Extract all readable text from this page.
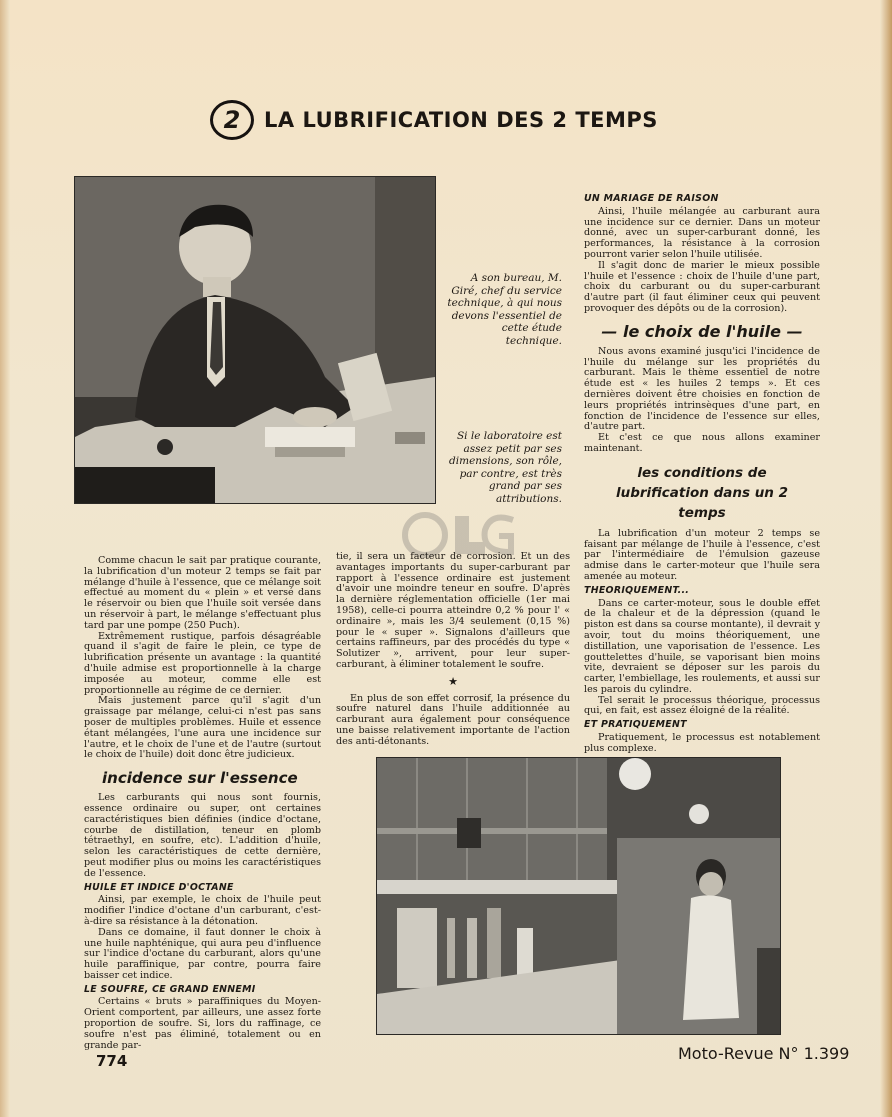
2	LA LUBRIFICATION DES 2 TEMPS
A son bureau, M. Giré, chef du service technique, à qui nous devons l'essentiel de cette étude technique.
Si le laboratoire est assez petit par ses dimensions, son rôle, par contre, est très grand par ses attributions.

Comme chacun le sait par pratique courante, la lubrification d'un moteur 2 temps se fait par mélange d'huile à l'essence, que ce mélange soit effectué au moment du « plein » et versé dans le réservoir ou bien que l'huile soit versée dans un réservoir à part, le mélange s'effectuant plus tard par une pompe (250 Puch).

Extrêmement rustique, parfois désagréable quand il s'agit de faire le plein, ce type de lubrification présente un avantage : la quantité d'huile admise est proportionnelle à la charge imposée au moteur, comme elle est proportionnelle au régime de ce dernier.

Mais justement parce qu'il s'agit d'un graissage par mélange, celui-ci n'est pas sans poser de multiples problèmes. Huile et essence étant mélangées, l'une aura une incidence sur l'autre, et le choix de l'une et de l'autre (surtout le choix de l'huile) doit donc être judicieux.

incidence sur l'essence

Les carburants qui nous sont fournis, essence ordinaire ou super, ont certaines caractéristiques bien définies (indice d'octane, courbe de distillation, teneur en plomb tétraethyl, en soufre, etc). L'addition d'huile, selon les caractéristiques de cette dernière, peut modifier plus ou moins les caractéristiques de l'essence.

HUILE ET INDICE D'OCTANE

Ainsi, par exemple, le choix de l'huile peut modifier l'indice d'octane d'un carburant, c'est-à-dire sa résistance à la détonation.

Dans ce domaine, il faut donner le choix à une huile naphténique, qui aura peu d'influence sur l'indice d'octane du carburant, alors qu'une huile paraffinique, par contre, pourra faire baisser cet indice.

LE SOUFRE, CE GRAND ENNEMI

Certains « bruts » paraffiniques du Moyen-Orient comportent, par ailleurs, une assez forte proportion de soufre. Si, lors du raffinage, ce soufre n'est pas éliminé, totalement ou en grande par-

tie, il sera un facteur de corrosion. Et un des avantages importants du super-carburant par rapport à l'essence ordinaire est justement d'avoir une moindre teneur en soufre. D'après la dernière réglementation officielle (1er mai 1958), celle-ci pourra atteindre 0,2 % pour l' « ordinaire », mais les 3/4 seulement (0,15 %) pour le « super ». Signalons d'ailleurs que certains raffineurs, par des procédés du type « Solutizer », arrivent, pour leur super-carburant, à éliminer totalement le soufre.

★

En plus de son effet corrosif, la présence du soufre naturel dans l'huile additionnée au carburant aura également pour conséquence une baisse relativement importante de l'action des anti-détonants.

UN MARIAGE DE RAISON

Ainsi, l'huile mélangée au carburant aura une incidence sur ce dernier. Dans un moteur donné, avec un super-carburant donné, les performances, la résistance à la corrosion pourront varier selon l'huile utilisée.

Il s'agit donc de marier le mieux possible l'huile et l'essence : choix de l'huile d'une part, choix du carburant ou du super-carburant d'autre part (il faut éliminer ceux qui peuvent provoquer des dépôts ou de la corrosion).

— le choix de l'huile —

Nous avons examiné jusqu'ici l'incidence de l'huile du mélange sur les propriétés du carburant. Mais le thème essentiel de notre étude est « les huiles 2 temps ». Et ces dernières doivent être choisies en fonction de leurs propriétés intrinsèques d'une part, en fonction de l'incidence de l'essence sur elles, d'autre part.

Et c'est ce que nous allons examiner maintenant.

les conditions de lubrification dans un 2 temps

La lubrification d'un moteur 2 temps se faisant par mélange de l'huile à l'essence, c'est par l'intermédiaire de l'émulsion gazeuse admise dans le carter-moteur que l'huile sera amenée au moteur.

THEORIQUEMENT...

Dans ce carter-moteur, sous le double effet de la chaleur et de la dépression (quand le piston est dans sa course montante), il devrait y avoir, tout du moins théoriquement, une distillation, une vaporisation de l'essence. Les gouttelettes d'huile, se vaporisant bien moins vite, devraient se déposer sur les parois du carter, l'embiellage, les roulements, et aussi sur les parois du cylindre.

Tel serait le processus théorique, processus qui, en fait, est assez éloigné de la réalité.

ET PRATIQUEMENT

Pratiquement, le processus est notablement plus complexe.

774	Moto-Revue N° 1.399
